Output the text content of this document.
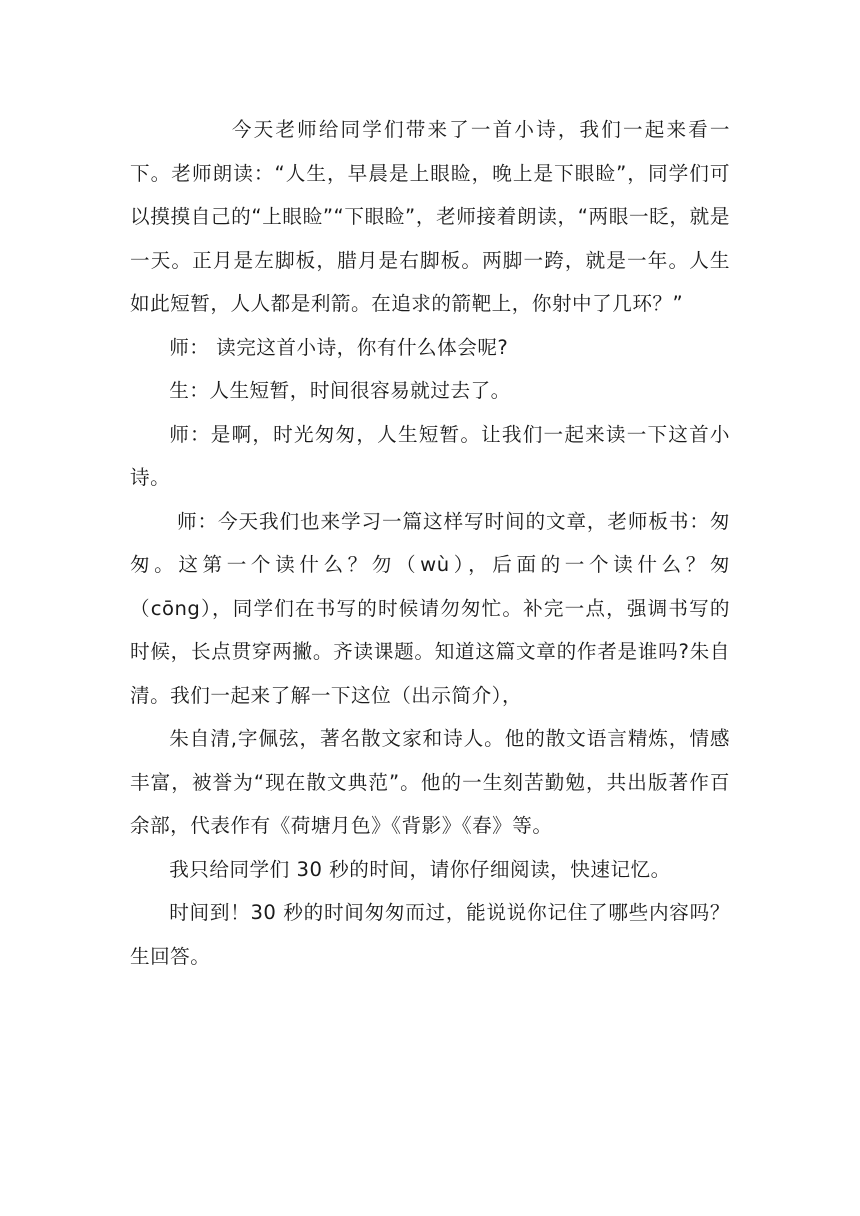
今天老师给同学们带来了一首小诗，我们一起来看一下。老师朗读：“人生，早晨是上眼睑，晚上是下眼睑”，同学们可以摸摸自己的“上眼睑”“下眼睑”，老师接着朗读，“两眼一眨，就是一天。正月是左脚板，腊月是右脚板。两脚一跨，就是一年。人生如此短暂，人人都是利箭。在追求的箭靶上，你射中了几环？”

师： 读完这首小诗，你有什么体会呢?

生：人生短暂，时间很容易就过去了。

师：是啊，时光匆匆，人生短暂。让我们一起来读一下这首小诗。

师：今天我们也来学习一篇这样写时间的文章，老师板书：匆匆。这第一个读什么？勿（wù），后面的一个读什么？匆（cōng），同学们在书写的时候请勿匆忙。补完一点，强调书写的时候，长点贯穿两撇。齐读课题。知道这篇文章的作者是谁吗?朱自清。我们一起来了解一下这位（出示简介），

朱自清,字佩弦，著名散文家和诗人。他的散文语言精炼，情感丰富，被誉为“现在散文典范”。他的一生刻苦勤勉，共出版著作百余部，代表作有《荷塘月色》《背影》《春》等。

我只给同学们 30 秒的时间，请你仔细阅读，快速记忆。

时间到！30 秒的时间匆匆而过，能说说你记住了哪些内容吗？生回答。
